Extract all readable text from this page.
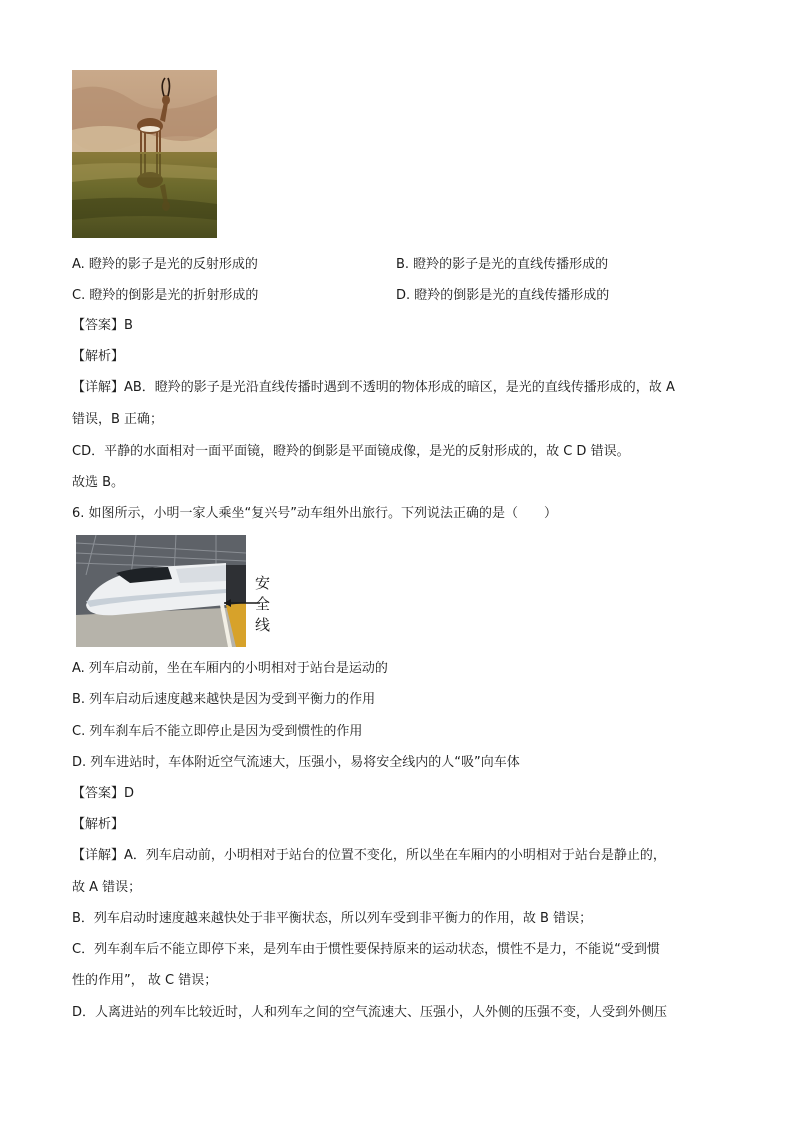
A. 瞪羚的影子是光的反射形成的	B. 瞪羚的影子是光的直线传播形成的
C. 瞪羚的倒影是光的折射形成的	D. 瞪羚的倒影是光的直线传播形成的
【答案】B
【解析】
【详解】AB．瞪羚的影子是光沿直线传播时遇到不透明的物体形成的暗区，是光的直线传播形成的，故 A
错误，B 正确；
CD．平静的水面相对一面平面镜，瞪羚的倒影是平面镜成像，是光的反射形成的，故 C D 错误。
故选 B。
6. 如图所示，小明一家人乘坐“复兴号”动车组外出旅行。下列说法正确的是（　　）
安
全
线
A. 列车启动前，坐在车厢内的小明相对于站台是运动的
B. 列车启动后速度越来越快是因为受到平衡力的作用
C. 列车刹车后不能立即停止是因为受到惯性的作用
D. 列车进站时，车体附近空气流速大，压强小，易将安全线内的人“吸”向车体
【答案】D
【解析】
【详解】A．列车启动前，小明相对于站台的位置不变化，所以坐在车厢内的小明相对于站台是静止的，
故 A 错误；
B．列车启动时速度越来越快处于非平衡状态，所以列车受到非平衡力的作用，故 B 错误；
C．列车刹车后不能立即停下来，是列车由于惯性要保持原来的运动状态，惯性不是力，不能说“受到惯
性的作用”， 故 C 错误；
D．人离进站的列车比较近时，人和列车之间的空气流速大、压强小，人外侧的压强不变，人受到外侧压
